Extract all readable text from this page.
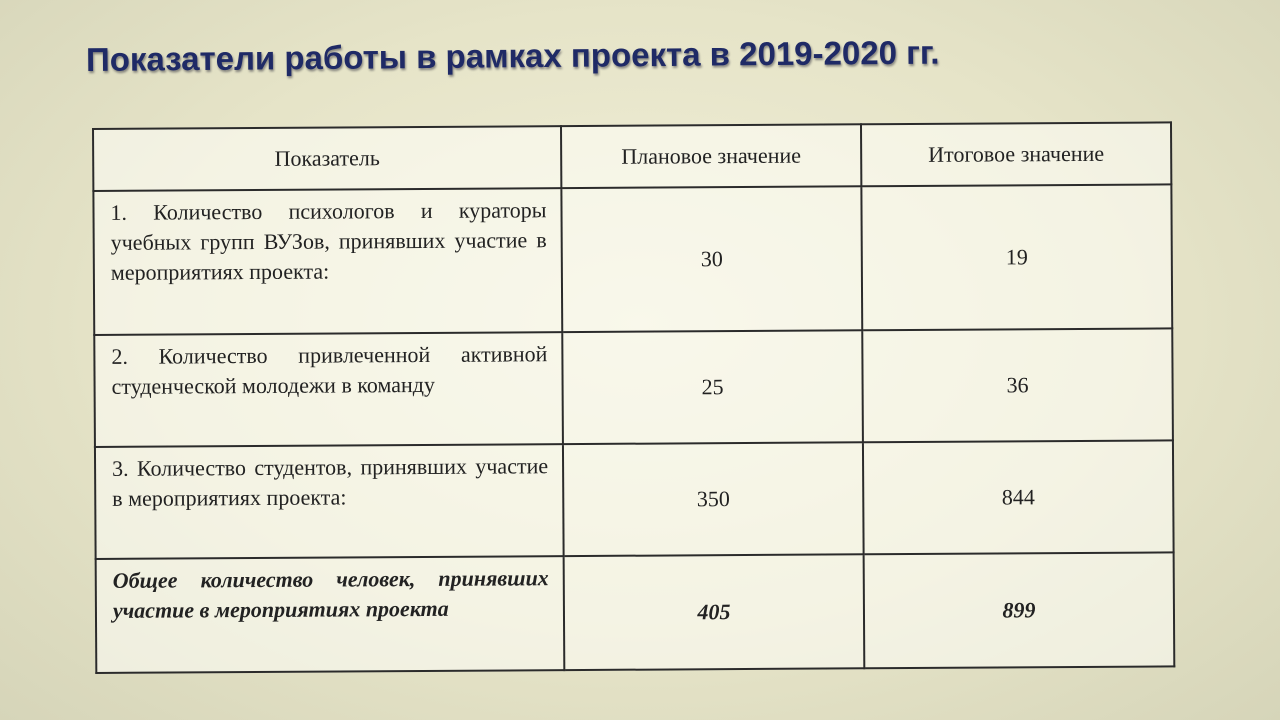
Показатели работы в рамках проекта в 2019-2020 гг.
Показатель	Плановое значение	Итоговое значение
1. Количество психологов и кураторы учебных групп ВУЗов, принявших участие в мероприятиях проекта:	30	19
2. Количество привлеченной активной студенческой молодежи в команду	25	36
3. Количество студентов, принявших участие в мероприятиях проекта:	350	844
Общее количество человек, принявших участие в мероприятиях проекта	405	899
